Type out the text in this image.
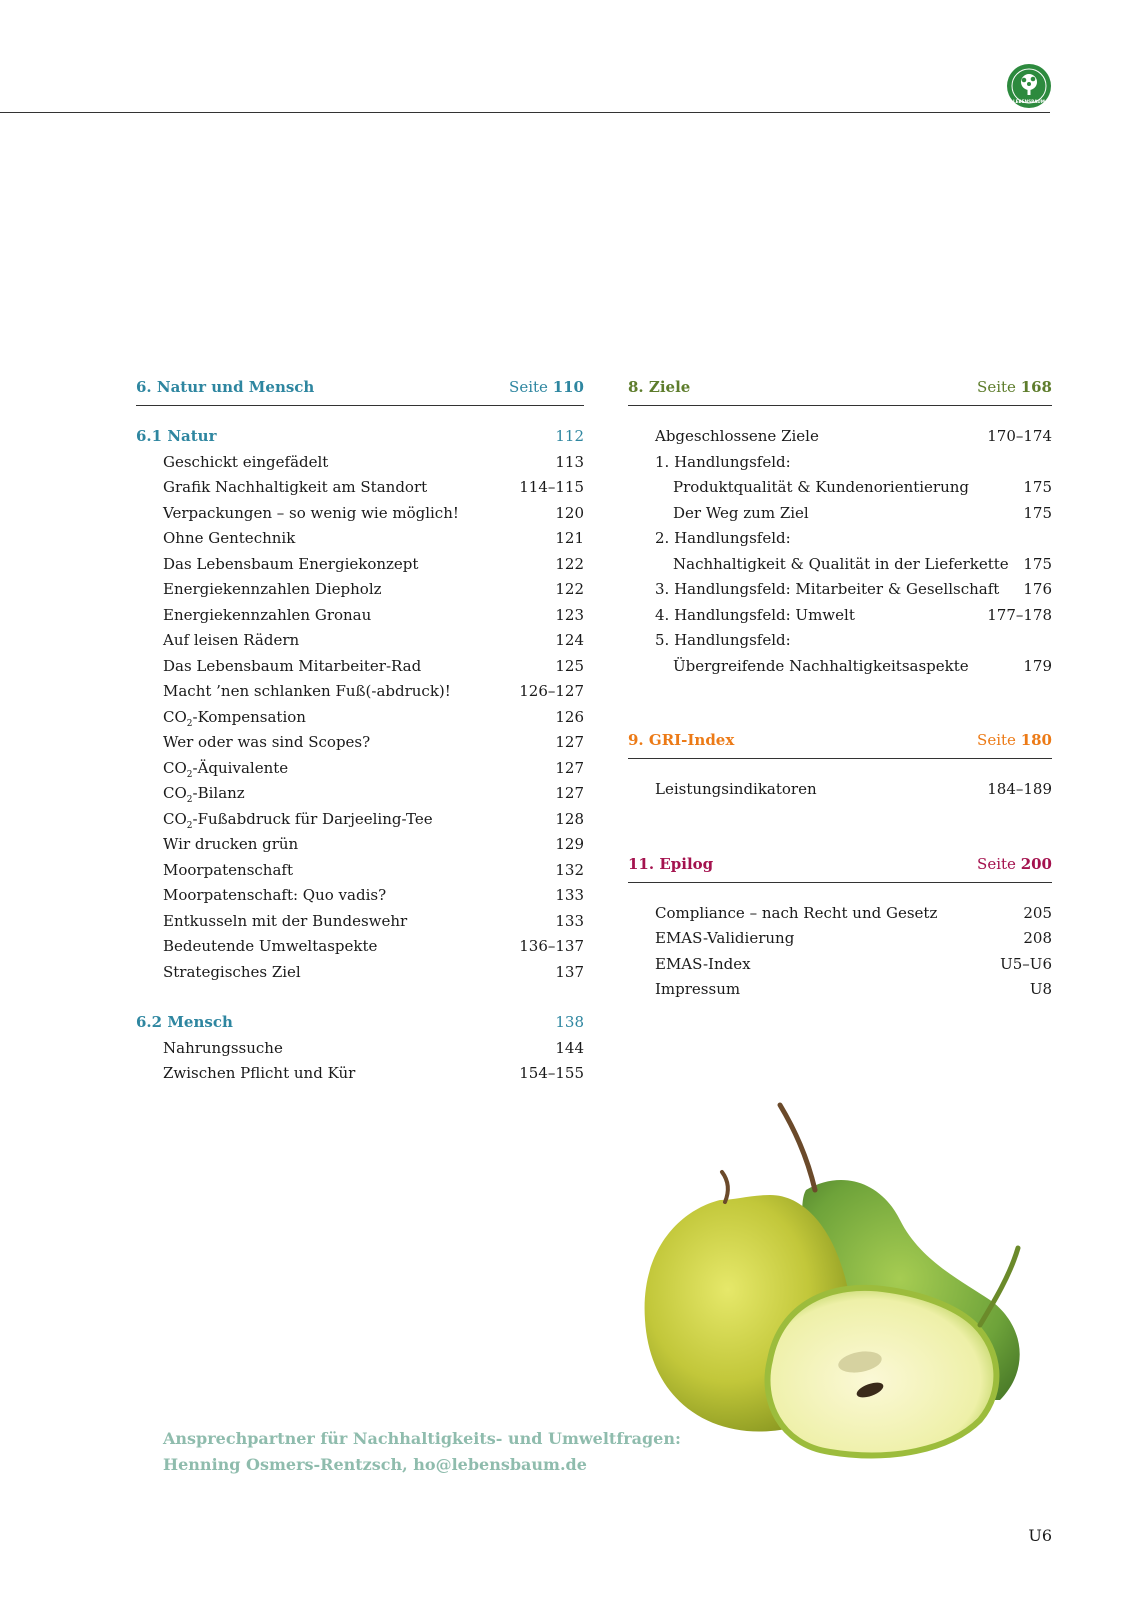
LEBENSBAUM
6. Natur und Mensch	Seite 110
6.1 Natur	112
Geschickt eingefädelt	113
Grafik Nachhaltigkeit am Standort	114–115
Verpackungen – so wenig wie möglich!	120
Ohne Gentechnik	121
Das Lebensbaum Energiekonzept	122
Energiekennzahlen Diepholz	122
Energiekennzahlen Gronau	123
Auf leisen Rädern	124
Das Lebensbaum Mitarbeiter-Rad	125
Macht ’nen schlanken Fuß(-abdruck)!	126–127
$CO_2$-Kompensation	126
Wer oder was sind Scopes?	127
$CO_2$-Äquivalente	127
$CO_2$-Bilanz	127
$CO_2$-Fußabdruck für Darjeeling-Tee	128
Wir drucken grün	129
Moorpatenschaft	132
Moorpatenschaft: Quo vadis?	133
Entkusseln mit der Bundeswehr	133
Bedeutende Umweltaspekte	136–137
Strategisches Ziel	137
6.2 Mensch	138
Nahrungssuche	144
Zwischen Pflicht und Kür	154–155
8. Ziele	Seite 168
Abgeschlossene Ziele	170–174
1. Handlungsfeld:
Produktqualität & Kundenorientierung	175
Der Weg zum Ziel	175
2. Handlungsfeld:
Nachhaltigkeit & Qualität in der Lieferkette 175
3. Handlungsfeld: Mitarbeiter & Gesellschaft 176
4. Handlungsfeld: Umwelt	177–178
5. Handlungsfeld:
Übergreifende Nachhaltigkeitsaspekte	179
9. GRI-Index	Seite 180
Leistungsindikatoren	184–189
11. Epilog	Seite 200
Compliance – nach Recht und Gesetz	205
EMAS-Validierung	208
EMAS-Index	U5–U6
Impressum	U8
Ansprechpartner für Nachhaltigkeits- und Umweltfragen:
Henning Osmers-Rentzsch, ho@lebensbaum.de
U6
